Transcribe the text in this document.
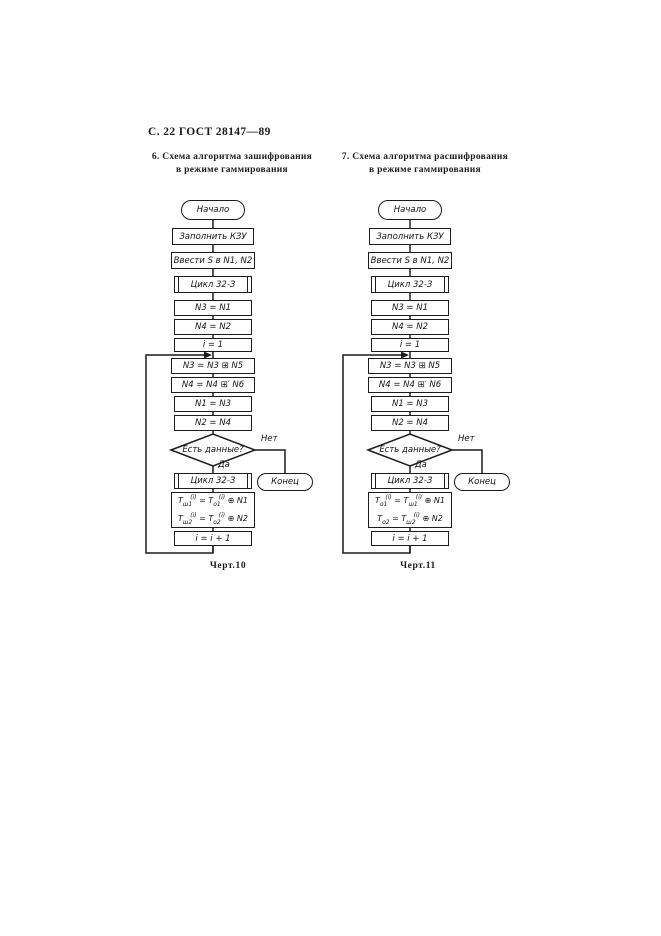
С. 22 ГОСТ 28147—89
6. Схема алгоритма зашифрования
в режиме гаммирования
7. Схема алгоритма расшифрования
в режиме гаммирования
Начало
Заполнить КЗУ
Ввести S в N1, N2
Цикл 32-З
N3 = N1
N4 = N2
i = 1
N3 = N3 ⊞ N5
N4 = N4 ⊞′ N6
N1 = N3
N2 = N4
Есть данные?
Цикл 32-З
$T_{ш1}^{(i)} = T_{о1}^{(i)}$ ⊕ N1
$T_{ш2}^{(i)} = T_{о2}^{(i)}$ ⊕ N2
i = i + 1
Конец
Да
Нет
Начало
Заполнить КЗУ
Ввести S в N1, N2
Цикл 32-З
N3 = N1
N4 = N2
i = 1
N3 = N3 ⊞ N5
N4 = N4 ⊞′ N6
N1 = N3
N2 = N4
Есть данные?
Цикл 32-З
$T_{о1}^{(i)} = T_{ш1}^{(i)}$ ⊕ N1
$T_{о2} = T_{ш2}^{(i)}$ ⊕ N2
i = i + 1
Конец
Да
Нет
Черт.10	Черт.11
